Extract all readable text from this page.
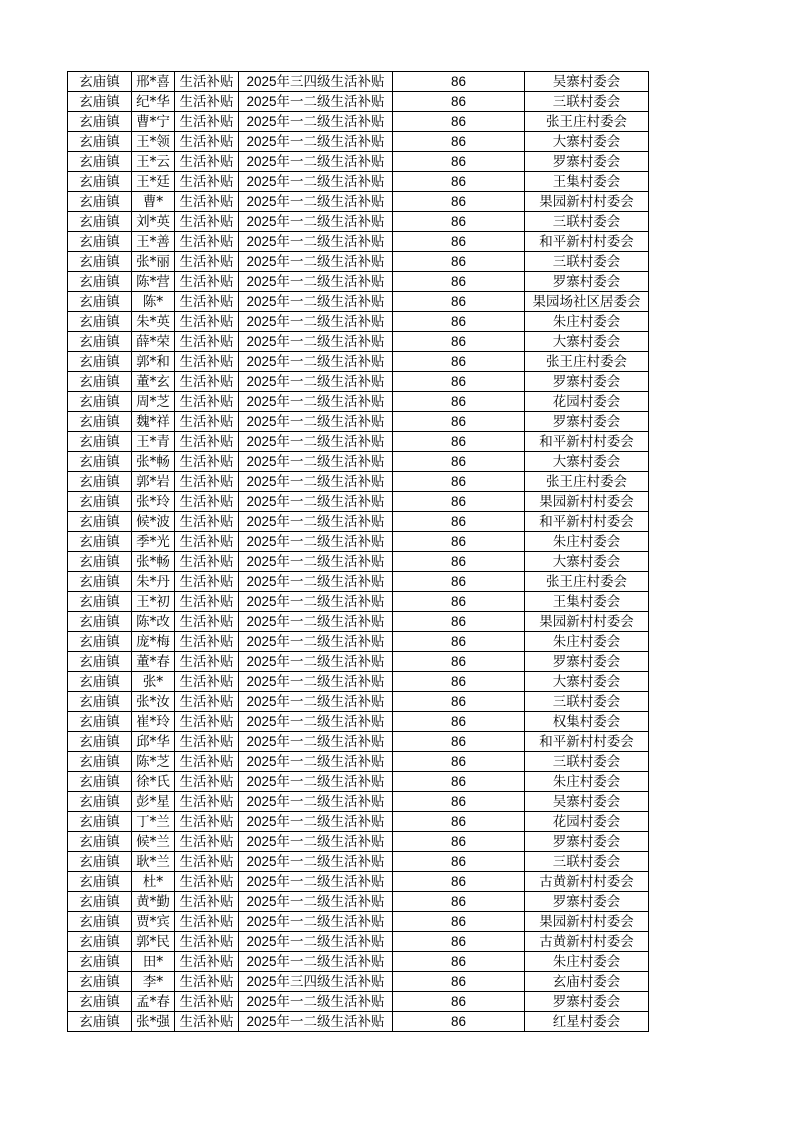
玄庙镇	邢*喜	生活补贴	2025年三四级生活补贴	86	吴寨村委会
玄庙镇	纪*华	生活补贴	2025年一二级生活补贴	86	三联村委会
玄庙镇	曹*宁	生活补贴	2025年一二级生活补贴	86	张王庄村委会
玄庙镇	王*领	生活补贴	2025年一二级生活补贴	86	大寨村委会
玄庙镇	王*云	生活补贴	2025年一二级生活补贴	86	罗寨村委会
玄庙镇	王*廷	生活补贴	2025年一二级生活补贴	86	王集村委会
玄庙镇	曹*	生活补贴	2025年一二级生活补贴	86	果园新村村委会
玄庙镇	刘*英	生活补贴	2025年一二级生活补贴	86	三联村委会
玄庙镇	王*善	生活补贴	2025年一二级生活补贴	86	和平新村村委会
玄庙镇	张*丽	生活补贴	2025年一二级生活补贴	86	三联村委会
玄庙镇	陈*营	生活补贴	2025年一二级生活补贴	86	罗寨村委会
玄庙镇	陈*	生活补贴	2025年一二级生活补贴	86	果园场社区居委会
玄庙镇	朱*英	生活补贴	2025年一二级生活补贴	86	朱庄村委会
玄庙镇	薛*荣	生活补贴	2025年一二级生活补贴	86	大寨村委会
玄庙镇	郭*和	生活补贴	2025年一二级生活补贴	86	张王庄村委会
玄庙镇	董*玄	生活补贴	2025年一二级生活补贴	86	罗寨村委会
玄庙镇	周*芝	生活补贴	2025年一二级生活补贴	86	花园村委会
玄庙镇	魏*祥	生活补贴	2025年一二级生活补贴	86	罗寨村委会
玄庙镇	王*青	生活补贴	2025年一二级生活补贴	86	和平新村村委会
玄庙镇	张*畅	生活补贴	2025年一二级生活补贴	86	大寨村委会
玄庙镇	郭*岩	生活补贴	2025年一二级生活补贴	86	张王庄村委会
玄庙镇	张*玲	生活补贴	2025年一二级生活补贴	86	果园新村村委会
玄庙镇	候*波	生活补贴	2025年一二级生活补贴	86	和平新村村委会
玄庙镇	季*光	生活补贴	2025年一二级生活补贴	86	朱庄村委会
玄庙镇	张*畅	生活补贴	2025年一二级生活补贴	86	大寨村委会
玄庙镇	朱*丹	生活补贴	2025年一二级生活补贴	86	张王庄村委会
玄庙镇	王*初	生活补贴	2025年一二级生活补贴	86	王集村委会
玄庙镇	陈*改	生活补贴	2025年一二级生活补贴	86	果园新村村委会
玄庙镇	庞*梅	生活补贴	2025年一二级生活补贴	86	朱庄村委会
玄庙镇	董*春	生活补贴	2025年一二级生活补贴	86	罗寨村委会
玄庙镇	张*	生活补贴	2025年一二级生活补贴	86	大寨村委会
玄庙镇	张*汝	生活补贴	2025年一二级生活补贴	86	三联村委会
玄庙镇	崔*玲	生活补贴	2025年一二级生活补贴	86	权集村委会
玄庙镇	邱*华	生活补贴	2025年一二级生活补贴	86	和平新村村委会
玄庙镇	陈*芝	生活补贴	2025年一二级生活补贴	86	三联村委会
玄庙镇	徐*氏	生活补贴	2025年一二级生活补贴	86	朱庄村委会
玄庙镇	彭*星	生活补贴	2025年一二级生活补贴	86	吴寨村委会
玄庙镇	丁*兰	生活补贴	2025年一二级生活补贴	86	花园村委会
玄庙镇	候*兰	生活补贴	2025年一二级生活补贴	86	罗寨村委会
玄庙镇	耿*兰	生活补贴	2025年一二级生活补贴	86	三联村委会
玄庙镇	杜*	生活补贴	2025年一二级生活补贴	86	古黄新村村委会
玄庙镇	黄*勤	生活补贴	2025年一二级生活补贴	86	罗寨村委会
玄庙镇	贾*宾	生活补贴	2025年一二级生活补贴	86	果园新村村委会
玄庙镇	郭*民	生活补贴	2025年一二级生活补贴	86	古黄新村村委会
玄庙镇	田*	生活补贴	2025年一二级生活补贴	86	朱庄村委会
玄庙镇	李*	生活补贴	2025年三四级生活补贴	86	玄庙村委会
玄庙镇	孟*春	生活补贴	2025年一二级生活补贴	86	罗寨村委会
玄庙镇	张*强	生活补贴	2025年一二级生活补贴	86	红星村委会
